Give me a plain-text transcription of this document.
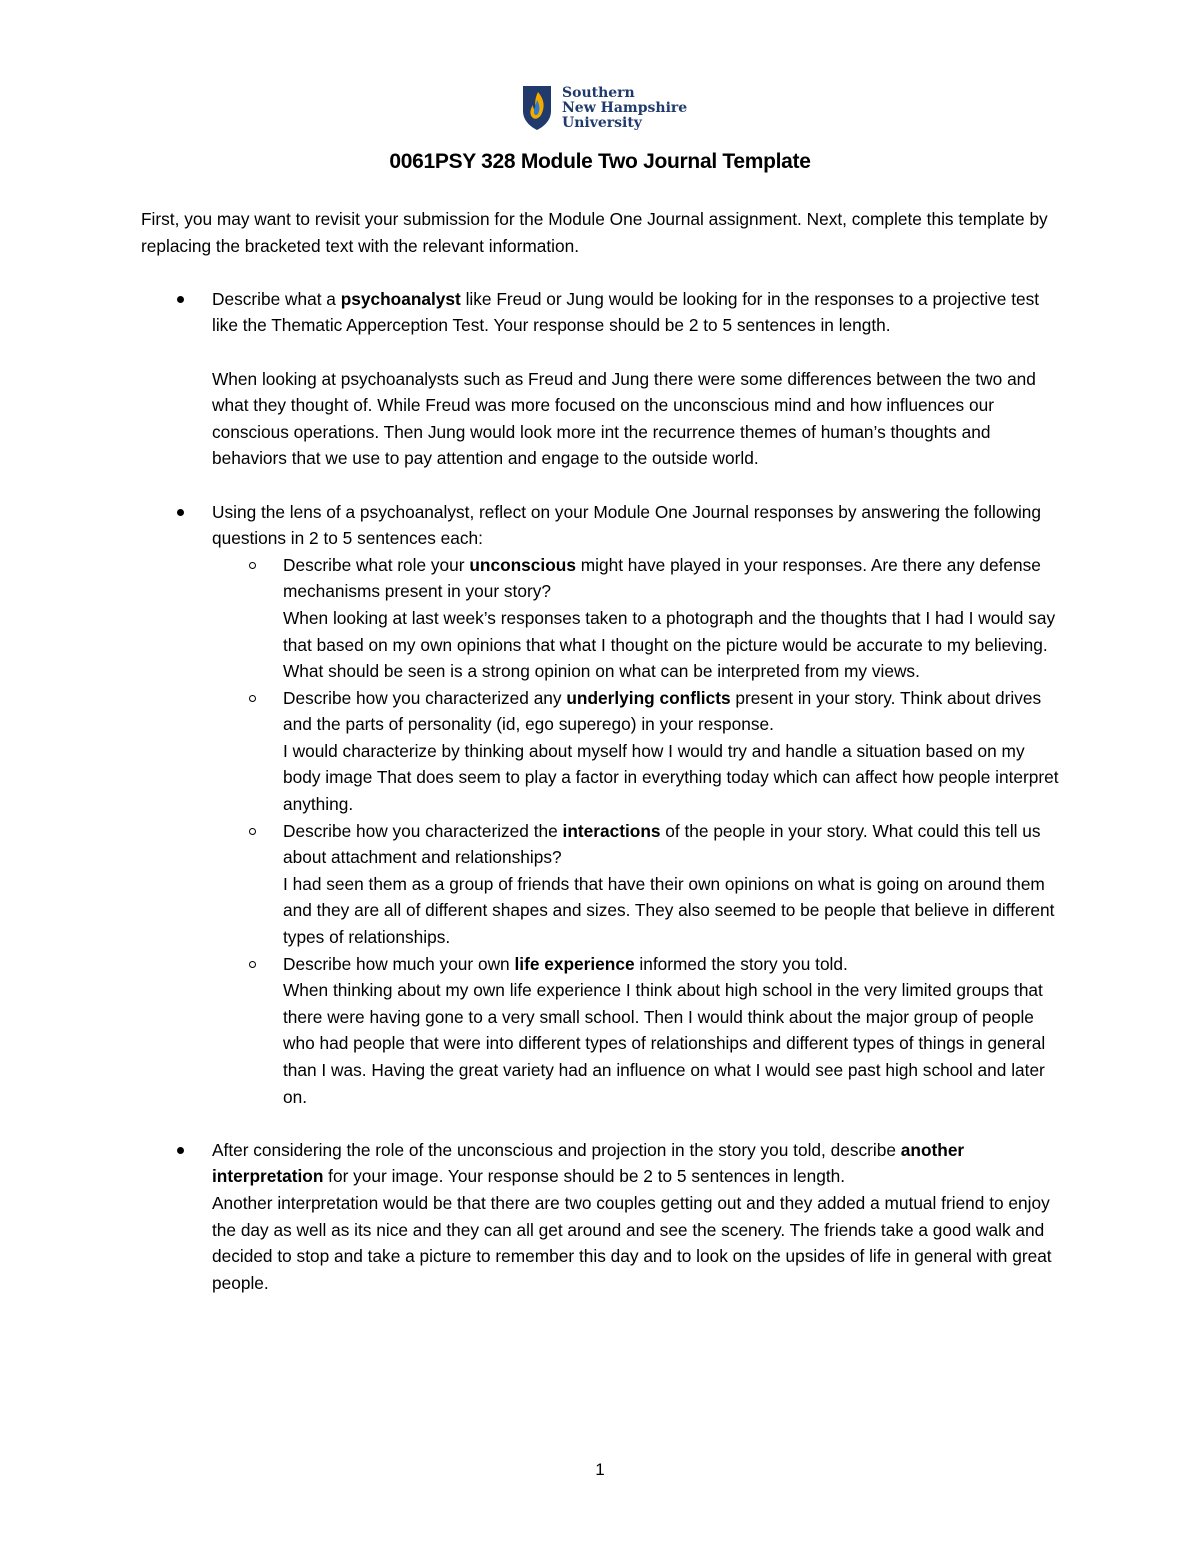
Southern
New Hampshire
University
0061PSY 328 Module Two Journal Template

First, you may want to revisit your submission for the Module One Journal assignment. Next, complete this template by replacing the bracketed text with the relevant information.

Describe what a psychoanalyst like Freud or Jung would be looking for in the responses to a projective test like the Thematic Apperception Test. Your response should be 2 to 5 sentences in length.

When looking at psychoanalysts such as Freud and Jung there were some differences between the two and what they thought of. While Freud was more focused on the unconscious mind and how influences our conscious operations. Then Jung would look more int the recurrence themes of human’s thoughts and behaviors that we use to pay attention and engage to the outside world.

Using the lens of a psychoanalyst, reflect on your Module One Journal responses by answering the following questions in 2 to 5 sentences each:

Describe what role your unconscious might have played in your responses. Are there any defense mechanisms present in your story?

When looking at last week’s responses taken to a photograph and the thoughts that I had I would say that based on my own opinions that what I thought on the picture would be accurate to my believing. What should be seen is a strong opinion on what can be interpreted from my views.

Describe how you characterized any underlying conflicts present in your story. Think about drives and the parts of personality (id, ego superego) in your response.

I would characterize by thinking about myself how I would try and handle a situation based on my body image That does seem to play a factor in everything today which can affect how people interpret anything.

Describe how you characterized the interactions of the people in your story. What could this tell us about attachment and relationships?

I had seen them as a group of friends that have their own opinions on what is going on around them and they are all of different shapes and sizes. They also seemed to be people that believe in different types of relationships.

Describe how much your own life experience informed the story you told.

When thinking about my own life experience I think about high school in the very limited groups that there were having gone to a very small school. Then I would think about the major group of people who had people that were into different types of relationships and different types of things in general than I was. Having the great variety had an influence on what I would see past high school and later on.

After considering the role of the unconscious and projection in the story you told, describe another interpretation for your image. Your response should be 2 to 5 sentences in length.

Another interpretation would be that there are two couples getting out and they added a mutual friend to enjoy the day as well as its nice and they can all get around and see the scenery. The friends take a good walk and decided to stop and take a picture to remember this day and to look on the upsides of life in general with great people.

1
